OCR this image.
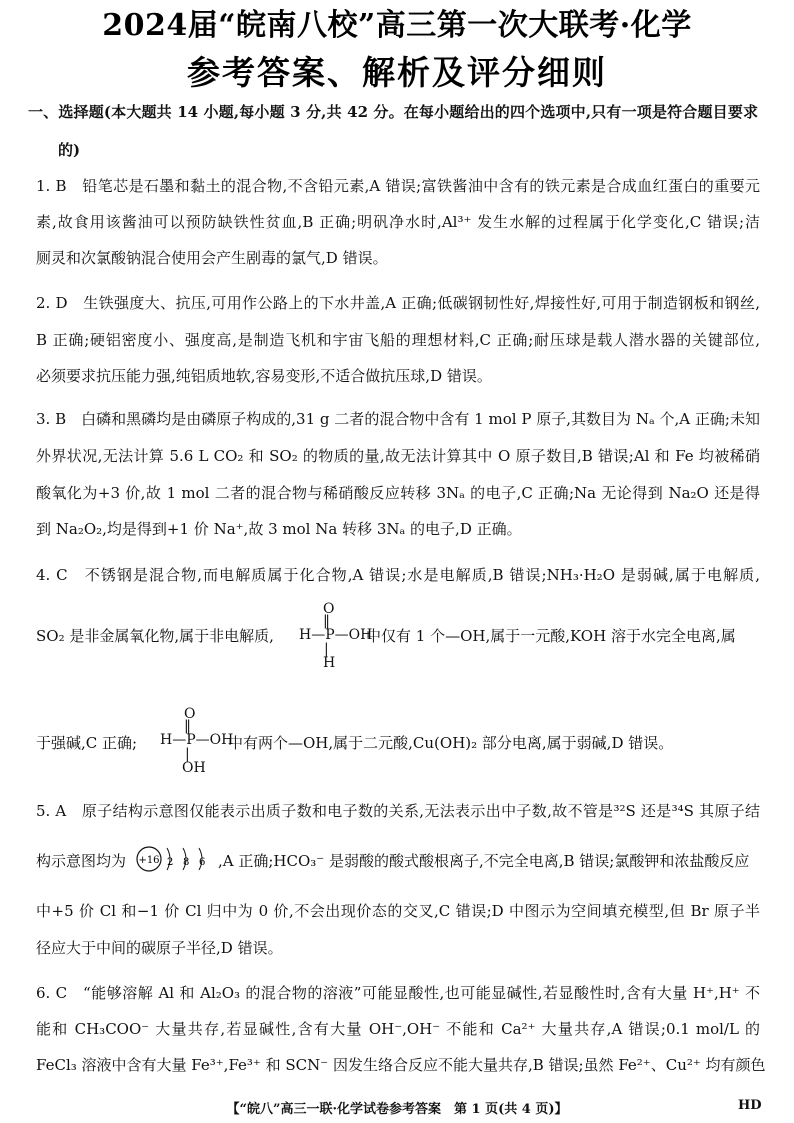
2024届“皖南八校”高三第一次大联考·化学
参考答案、解析及评分细则
一、选择题(本大题共 14 小题,每小题 3 分,共 42 分。在每小题给出的四个选项中,只有一项是符合题目要求
的)
1. B　铅笔芯是石墨和黏土的混合物,不含铅元素,A 错误;富铁酱油中含有的铁元素是合成血红蛋白的重要元
素,故食用该酱油可以预防缺铁性贫血,B 正确;明矾净水时,Al³⁺ 发生水解的过程属于化学变化,C 错误;洁
厕灵和次氯酸钠混合使用会产生剧毒的氯气,D 错误。
2. D　生铁强度大、抗压,可用作公路上的下水井盖,A 正确;低碳钢韧性好,焊接性好,可用于制造钢板和钢丝,
B 正确;硬铝密度小、强度高,是制造飞机和宇宙飞船的理想材料,C 正确;耐压球是载人潜水器的关键部位,
必须要求抗压能力强,纯铝质地软,容易变形,不适合做抗压球,D 错误。
3. B　白磷和黑磷均是由磷原子构成的,31 g 二者的混合物中含有 1 mol P 原子,其数目为 Nₐ 个,A 正确;未知
外界状况,无法计算 5.6 L CO₂ 和 SO₂ 的物质的量,故无法计算其中 O 原子数目,B 错误;Al 和 Fe 均被稀硝
酸氧化为+3 价,故 1 mol 二者的混合物与稀硝酸反应转移 3Nₐ 的电子,C 正确;Na 无论得到 Na₂O 还是得
到 Na₂O₂,均是得到+1 价 Na⁺,故 3 mol Na 转移 3Nₐ 的电子,D 正确。
4. C　不锈钢是混合物,而电解质属于化合物,A 错误;水是电解质,B 错误;NH₃·H₂O 是弱碱,属于电解质,
SO₂ 是非金属氧化物,属于非电解质,
O
‖
H—P—OH
|
H
中仅有 1 个—OH,属于一元酸,KOH 溶于水完全电离,属
于强碱,C 正确;
O
‖
H—P—OH
|
OH
中有两个—OH,属于二元酸,Cu(OH)₂ 部分电离,属于弱碱,D 错误。
5. A　原子结构示意图仅能表示出质子数和电子数的关系,无法表示出中子数,故不管是³²S 还是³⁴S 其原子结
构示意图均为 +16 2 8 6 ,A 正确;HCO₃⁻ 是弱酸的酸式酸根离子,不完全电离,B 错误;氯酸钾和浓盐酸反应
中+5 价 Cl 和−1 价 Cl 归中为 0 价,不会出现价态的交叉,C 错误;D 中图示为空间填充模型,但 Br 原子半
径应大于中间的碳原子半径,D 错误。
6. C　“能够溶解 Al 和 Al₂O₃ 的混合物的溶液”可能显酸性,也可能显碱性,若显酸性时,含有大量 H⁺,H⁺ 不
能和 CH₃COO⁻ 大量共存,若显碱性,含有大量 OH⁻,OH⁻ 不能和 Ca²⁺ 大量共存,A 错误;0.1 mol/L 的
FeCl₃ 溶液中含有大量 Fe³⁺,Fe³⁺ 和 SCN⁻ 因发生络合反应不能大量共存,B 错误;虽然 Fe²⁺、Cu²⁺ 均有颜色
【“皖八”高三一联·化学试卷参考答案　第 1 页(共 4 页)】	HD
